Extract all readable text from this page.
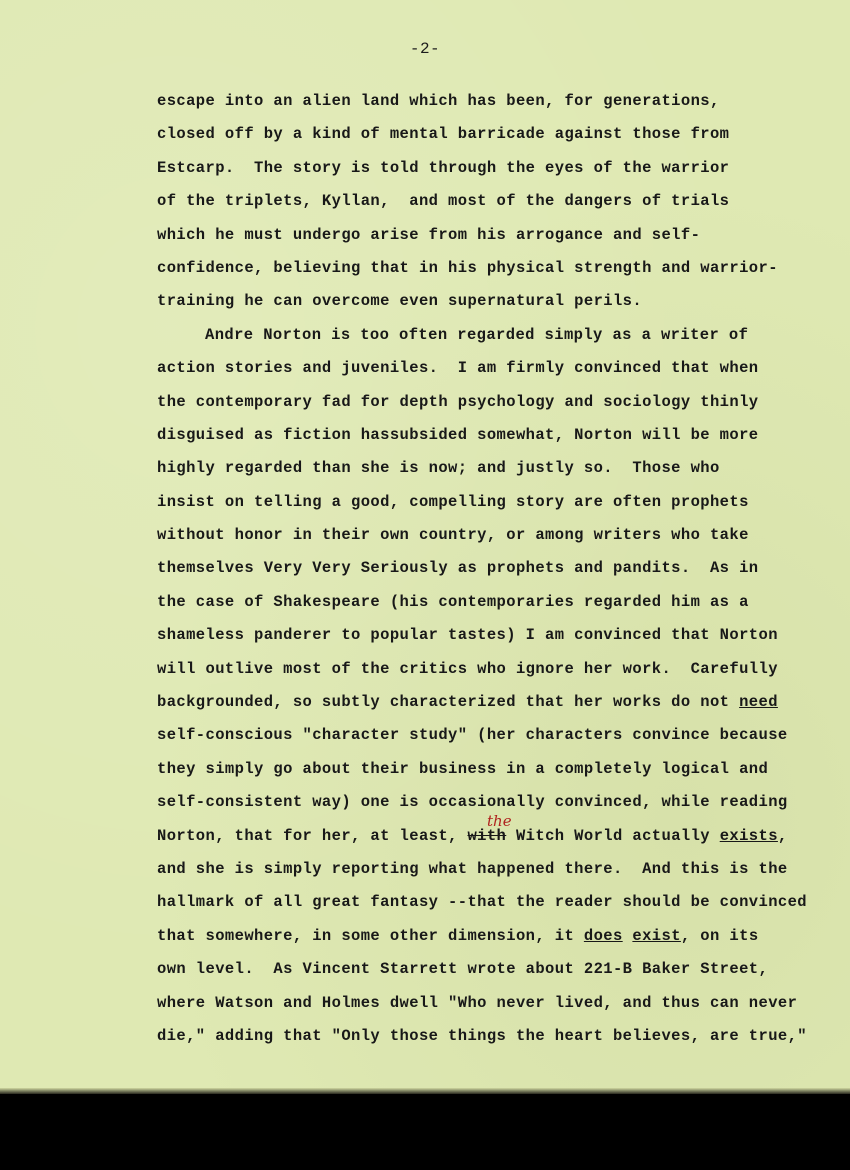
-2-
escape into an alien land which has been, for generations,
closed off by a kind of mental barricade against those from
Estcarp.  The story is told through the eyes of the warrior
of the triplets, Kyllan,  and most of the dangers of trials
which he must undergo arise from his arrogance and self-
confidence, believing that in his physical strength and warrior-
training he can overcome even supernatural perils.
Andre Norton is too often regarded simply as a writer of
action stories and juveniles.  I am firmly convinced that when
the contemporary fad for depth psychology and sociology thinly
disguised as fiction hassubsided somewhat, Norton will be more
highly regarded than she is now; and justly so.  Those who
insist on telling a good, compelling story are often prophets
without honor in their own country, or among writers who take
themselves Very Very Seriously as prophets and pandits.  As in
the case of Shakespeare (his contemporaries regarded him as a
shameless panderer to popular tastes) I am convinced that Norton
will outlive most of the critics who ignore her work.  Carefully
backgrounded, so subtly characterized that her works do not need
self-conscious "character study" (her characters convince because
they simply go about their business in a completely logical and
self-consistent way) one is occasionally convinced, while reading
Norton, that for her, at least, with Witch World actually exists,
the
and she is simply reporting what happened there.  And this is the
hallmark of all great fantasy --that the reader should be convinced
that somewhere, in some other dimension, it does exist, on its
own level.  As Vincent Starrett wrote about 221-B Baker Street,
where Watson and Holmes dwell "Who never lived, and thus can never
die," adding that "Only those things the heart believes, are true,"
